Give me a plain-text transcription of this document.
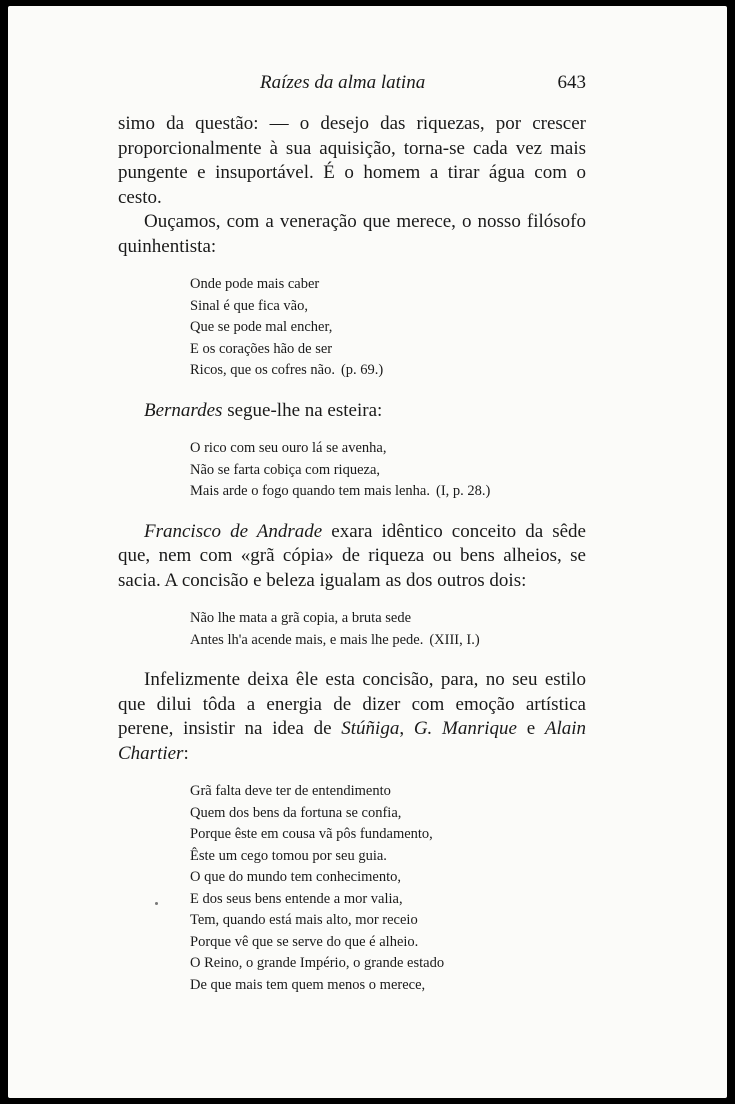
Raízes da alma latina	643

simo da questão: — o desejo das riquezas, por crescer proporcionalmente à sua aquisição, torna-se cada vez mais pungente e insuportável. É o homem a tirar água com o cesto.

Ouçamos, com a veneração que merece, o nosso filósofo quinhentista:

Onde pode mais caber
Sinal é que fica vão,
Que se pode mal encher,
E os corações hão de ser
Ricos, que os cofres não. (p. 69.)

Bernardes segue-lhe na esteira:

O rico com seu ouro lá se avenha,
Não se farta cobiça com riqueza,
Mais arde o fogo quando tem mais lenha. (I, p. 28.)

Francisco de Andrade exara idêntico conceito da sêde que, nem com «grã cópia» de riqueza ou bens alheios, se sacia. A concisão e beleza igualam as dos outros dois:

Não lhe mata a grã copia, a bruta sede
Antes lh'a acende mais, e mais lhe pede. (XIII, I.)

Infelizmente deixa êle esta concisão, para, no seu estilo que dilui tôda a energia de dizer com emoção artística perene, insistir na idea de Stúñiga, G. Manrique e Alain Chartier:

Grã falta deve ter de entendimento
Quem dos bens da fortuna se confia,
Porque êste em cousa vã pôs fundamento,
Êste um cego tomou por seu guia.
O que do mundo tem conhecimento,
E dos seus bens entende a mor valia,
Tem, quando está mais alto, mor receio
Porque vê que se serve do que é alheio.
O Reino, o grande Império, o grande estado
De que mais tem quem menos o merece,
